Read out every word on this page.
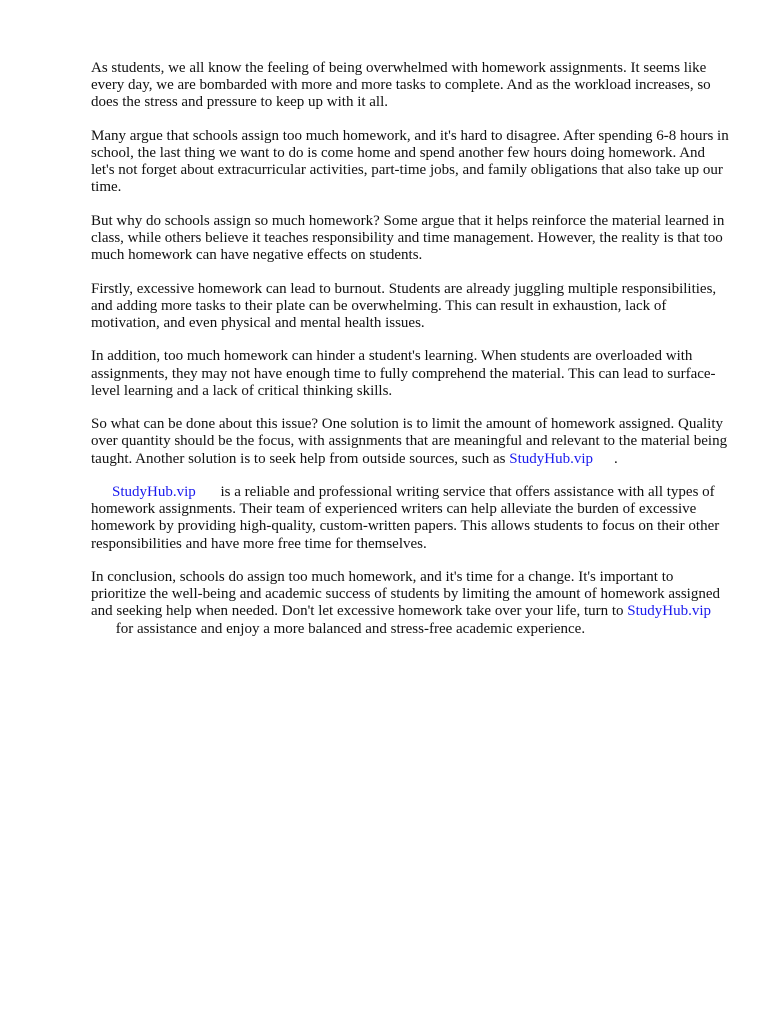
As students, we all know the feeling of being overwhelmed with homework assignments. It seems like every day, we are bombarded with more and more tasks to complete. And as the workload increases, so does the stress and pressure to keep up with it all.

Many argue that schools assign too much homework, and it's hard to disagree. After spending 6-8 hours in school, the last thing we want to do is come home and spend another few hours doing homework. And let's not forget about extracurricular activities, part-time jobs, and family obligations that also take up our time.

But why do schools assign so much homework? Some argue that it helps reinforce the material learned in class, while others believe it teaches responsibility and time management. However, the reality is that too much homework can have negative effects on students.

Firstly, excessive homework can lead to burnout. Students are already juggling multiple responsibilities, and adding more tasks to their plate can be overwhelming. This can result in exhaustion, lack of motivation, and even physical and mental health issues.

In addition, too much homework can hinder a student's learning. When students are overloaded with assignments, they may not have enough time to fully comprehend the material. This can lead to surface-level learning and a lack of critical thinking skills.

So what can be done about this issue? One solution is to limit the amount of homework assigned. Quality over quantity should be the focus, with assignments that are meaningful and relevant to the material being taught. Another solution is to seek help from outside sources, such as StudyHub.vip .

StudyHub.vip is a reliable and professional writing service that offers assistance with all types of homework assignments. Their team of experienced writers can help alleviate the burden of excessive homework by providing high-quality, custom-written papers. This allows students to focus on their other responsibilities and have more free time for themselves.

In conclusion, schools do assign too much homework, and it's time for a change. It's important to prioritize the well-being and academic success of students by limiting the amount of homework assigned and seeking help when needed. Don't let excessive homework take over your life, turn to StudyHub.vip for assistance and enjoy a more balanced and stress-free academic experience.
